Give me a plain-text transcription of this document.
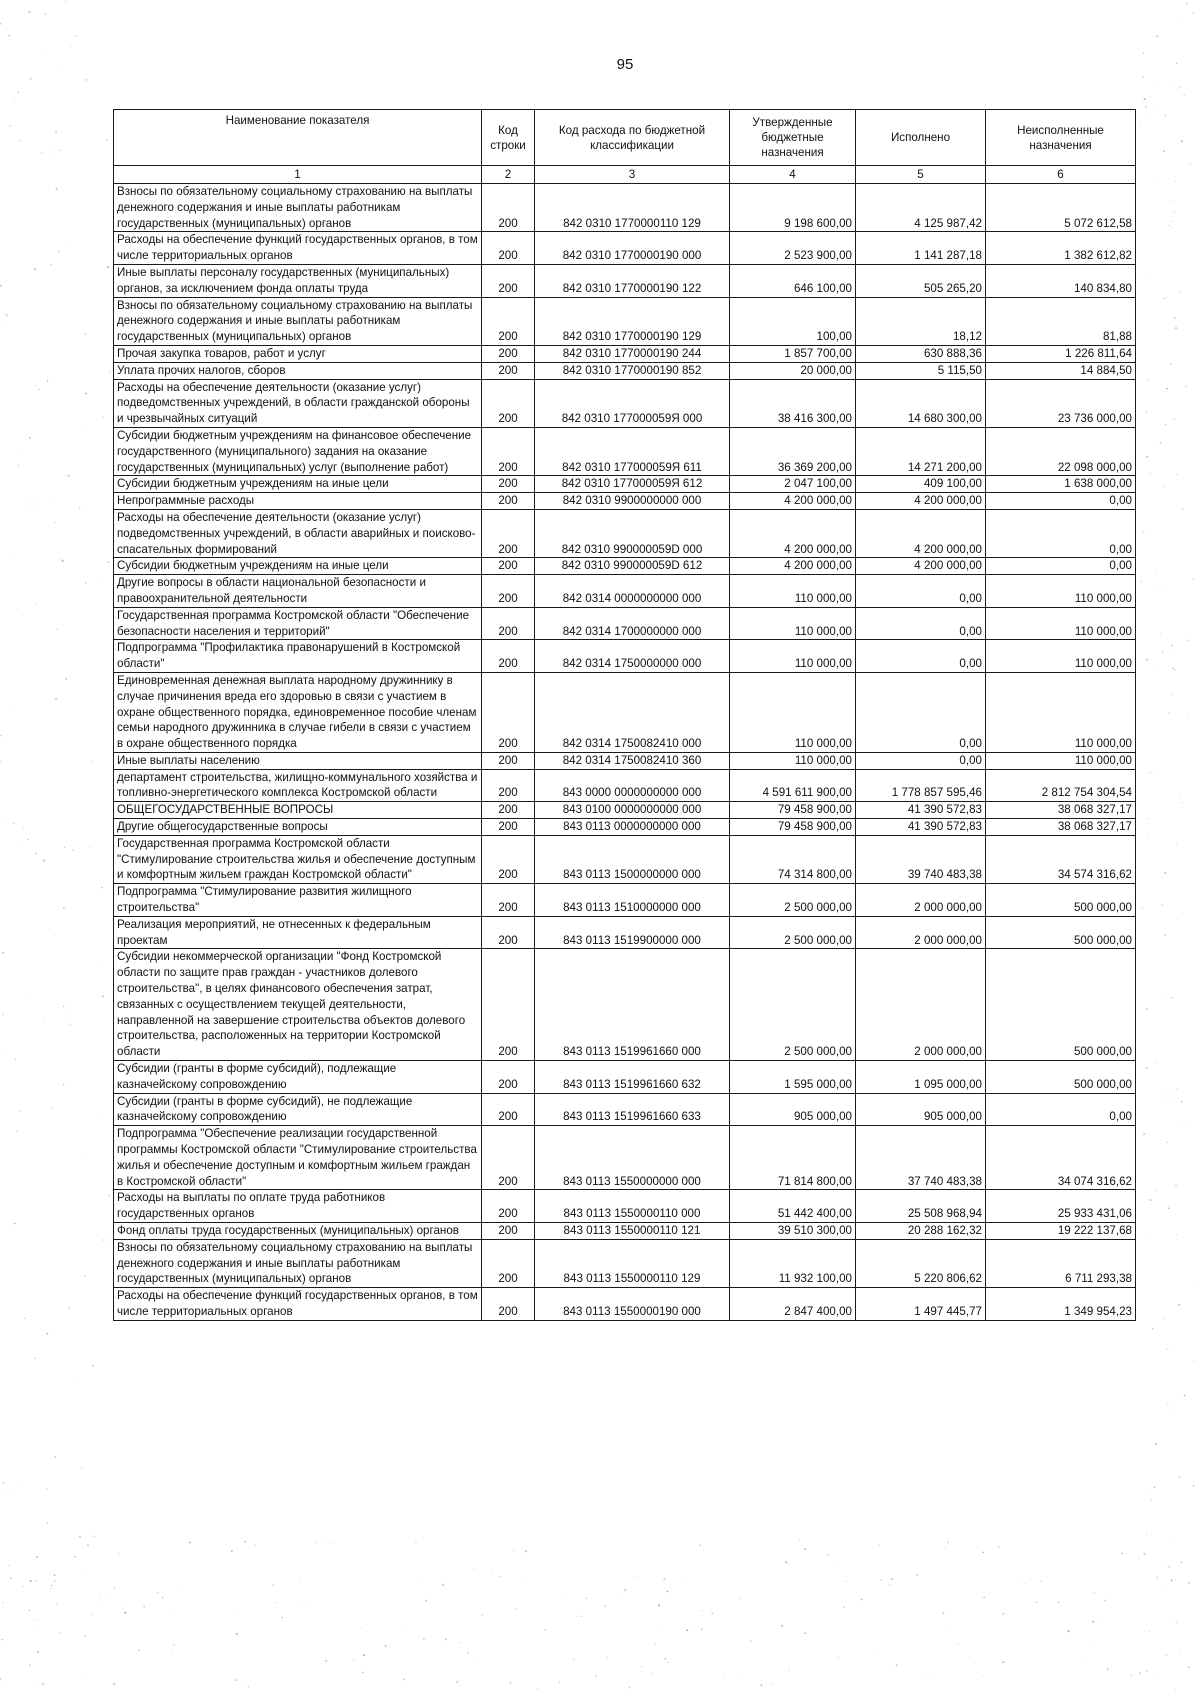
95
Наименование показателя	Код строки	Код расхода по бюджетной классификации	Утвержденные бюджетные назначения	Исполнено	Неисполненные назначения
1	2	3	4	5	6
Взносы по обязательному социальному страхованию на выплаты денежного содержания и иные выплаты работникам государственных (муниципальных) органов	200	842 0310 1770000110 129	9 198 600,00	4 125 987,42	5 072 612,58
Расходы на обеспечение функций государственных органов, в том числе территориальных органов	200	842 0310 1770000190 000	2 523 900,00	1 141 287,18	1 382 612,82
Иные выплаты персоналу государственных (муниципальных) органов, за исключением фонда оплаты труда	200	842 0310 1770000190 122	646 100,00	505 265,20	140 834,80
Взносы по обязательному социальному страхованию на выплаты денежного содержания и иные выплаты работникам государственных (муниципальных) органов	200	842 0310 1770000190 129	100,00	18,12	81,88
Прочая закупка товаров, работ и услуг	200	842 0310 1770000190 244	1 857 700,00	630 888,36	1 226 811,64
Уплата прочих налогов, сборов	200	842 0310 1770000190 852	20 000,00	5 115,50	14 884,50
Расходы на обеспечение деятельности (оказание услуг) подведомственных учреждений, в области гражданской обороны и чрезвычайных ситуаций	200	842 0310 177000059Я 000	38 416 300,00	14 680 300,00	23 736 000,00
Субсидии бюджетным учреждениям на финансовое обеспечение государственного (муниципального) задания на оказание государственных (муниципальных) услуг (выполнение работ)	200	842 0310 177000059Я 611	36 369 200,00	14 271 200,00	22 098 000,00
Субсидии бюджетным учреждениям на иные цели	200	842 0310 177000059Я 612	2 047 100,00	409 100,00	1 638 000,00
Непрограммные расходы	200	842 0310 9900000000 000	4 200 000,00	4 200 000,00	0,00
Расходы на обеспечение деятельности (оказание услуг) подведомственных учреждений, в области аварийных и поисково-спасательных формирований	200	842 0310 990000059D 000	4 200 000,00	4 200 000,00	0,00
Субсидии бюджетным учреждениям на иные цели	200	842 0310 990000059D 612	4 200 000,00	4 200 000,00	0,00
Другие вопросы в области национальной безопасности и правоохранительной деятельности	200	842 0314 0000000000 000	110 000,00	0,00	110 000,00
Государственная программа Костромской области "Обеспечение безопасности населения и территорий"	200	842 0314 1700000000 000	110 000,00	0,00	110 000,00
Подпрограмма "Профилактика правонарушений в Костромской области"	200	842 0314 1750000000 000	110 000,00	0,00	110 000,00
Единовременная денежная выплата народному дружиннику в случае причинения вреда его здоровью в связи с участием в охране общественного порядка, единовременное пособие членам семьи народного дружинника в случае гибели в связи с участием в охране общественного порядка	200	842 0314 1750082410 000	110 000,00	0,00	110 000,00
Иные выплаты населению	200	842 0314 1750082410 360	110 000,00	0,00	110 000,00
департамент строительства, жилищно-коммунального хозяйства и топливно-энергетического комплекса Костромской области	200	843 0000 0000000000 000	4 591 611 900,00	1 778 857 595,46	2 812 754 304,54
ОБЩЕГОСУДАРСТВЕННЫЕ ВОПРОСЫ	200	843 0100 0000000000 000	79 458 900,00	41 390 572,83	38 068 327,17
Другие общегосударственные вопросы	200	843 0113 0000000000 000	79 458 900,00	41 390 572,83	38 068 327,17
Государственная программа Костромской области "Стимулирование строительства жилья и обеспечение доступным и комфортным жильем граждан Костромской области"	200	843 0113 1500000000 000	74 314 800,00	39 740 483,38	34 574 316,62
Подпрограмма "Стимулирование развития жилищного строительства"	200	843 0113 1510000000 000	2 500 000,00	2 000 000,00	500 000,00
Реализация мероприятий, не отнесенных к федеральным проектам	200	843 0113 1519900000 000	2 500 000,00	2 000 000,00	500 000,00
Субсидии некоммерческой организации "Фонд Костромской области по защите прав граждан - участников долевого строительства", в целях финансового обеспечения затрат, связанных с осуществлением текущей деятельности, направленной на завершение строительства объектов долевого строительства, расположенных на территории Костромской области	200	843 0113 1519961660 000	2 500 000,00	2 000 000,00	500 000,00
Субсидии (гранты в форме субсидий), подлежащие казначейскому сопровождению	200	843 0113 1519961660 632	1 595 000,00	1 095 000,00	500 000,00
Субсидии (гранты в форме субсидий), не подлежащие казначейскому сопровождению	200	843 0113 1519961660 633	905 000,00	905 000,00	0,00
Подпрограмма "Обеспечение реализации государственной программы Костромской области "Стимулирование строительства жилья и обеспечение доступным и комфортным жильем граждан в Костромской области"	200	843 0113 1550000000 000	71 814 800,00	37 740 483,38	34 074 316,62
Расходы на выплаты по оплате труда работников государственных органов	200	843 0113 1550000110 000	51 442 400,00	25 508 968,94	25 933 431,06
Фонд оплаты труда государственных (муниципальных) органов	200	843 0113 1550000110 121	39 510 300,00	20 288 162,32	19 222 137,68
Взносы по обязательному социальному страхованию на выплаты денежного содержания и иные выплаты работникам государственных (муниципальных) органов	200	843 0113 1550000110 129	11 932 100,00	5 220 806,62	6 711 293,38
Расходы на обеспечение функций государственных органов, в том числе территориальных органов	200	843 0113 1550000190 000	2 847 400,00	1 497 445,77	1 349 954,23
